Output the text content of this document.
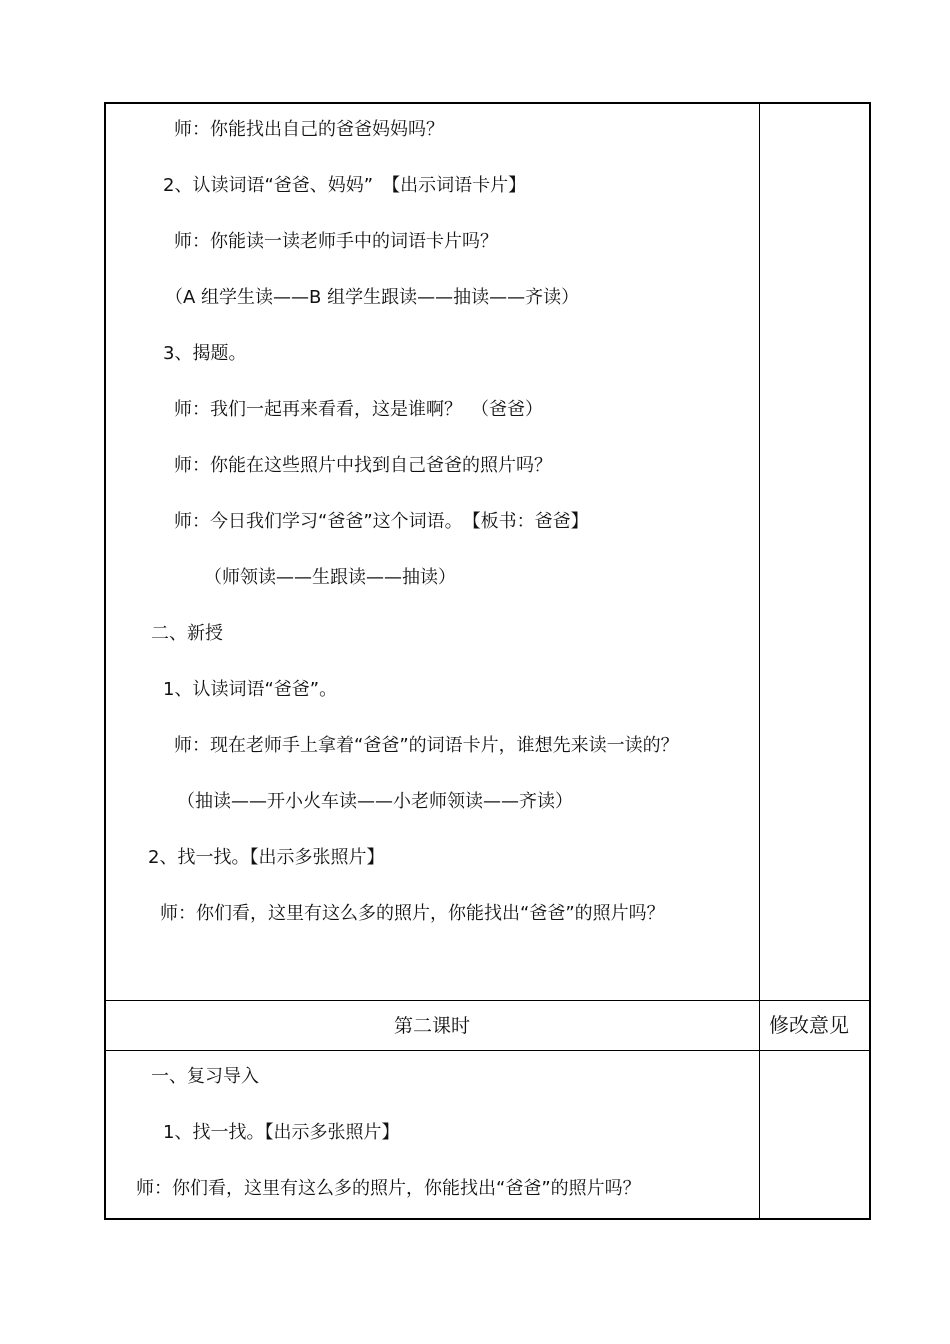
师：你能找出自己的爸爸妈妈吗？
2、认读词语“爸爸、妈妈”　【出示词语卡片】
师：你能读一读老师手中的词语卡片吗？
（A 组学生读——B 组学生跟读——抽读——齐读）
3、揭题。
师：我们一起再来看看，这是谁啊？　（爸爸）
师：你能在这些照片中找到自己爸爸的照片吗？
师：今日我们学习“爸爸”这个词语。　【板书：爸爸】
（师领读——生跟读——抽读）
二、新授
1、认读词语“爸爸”。
师：现在老师手上拿着“爸爸”的词语卡片，谁想先来读一读的？
（抽读——开小火车读——小老师领读——齐读）
2、找一找。【出示多张照片】
师：你们看，这里有这么多的照片，你能找出“爸爸”的照片吗？
第二课时	修改意见
一、复习导入
1、找一找。【出示多张照片】
师：你们看，这里有这么多的照片，你能找出“爸爸”的照片吗？
